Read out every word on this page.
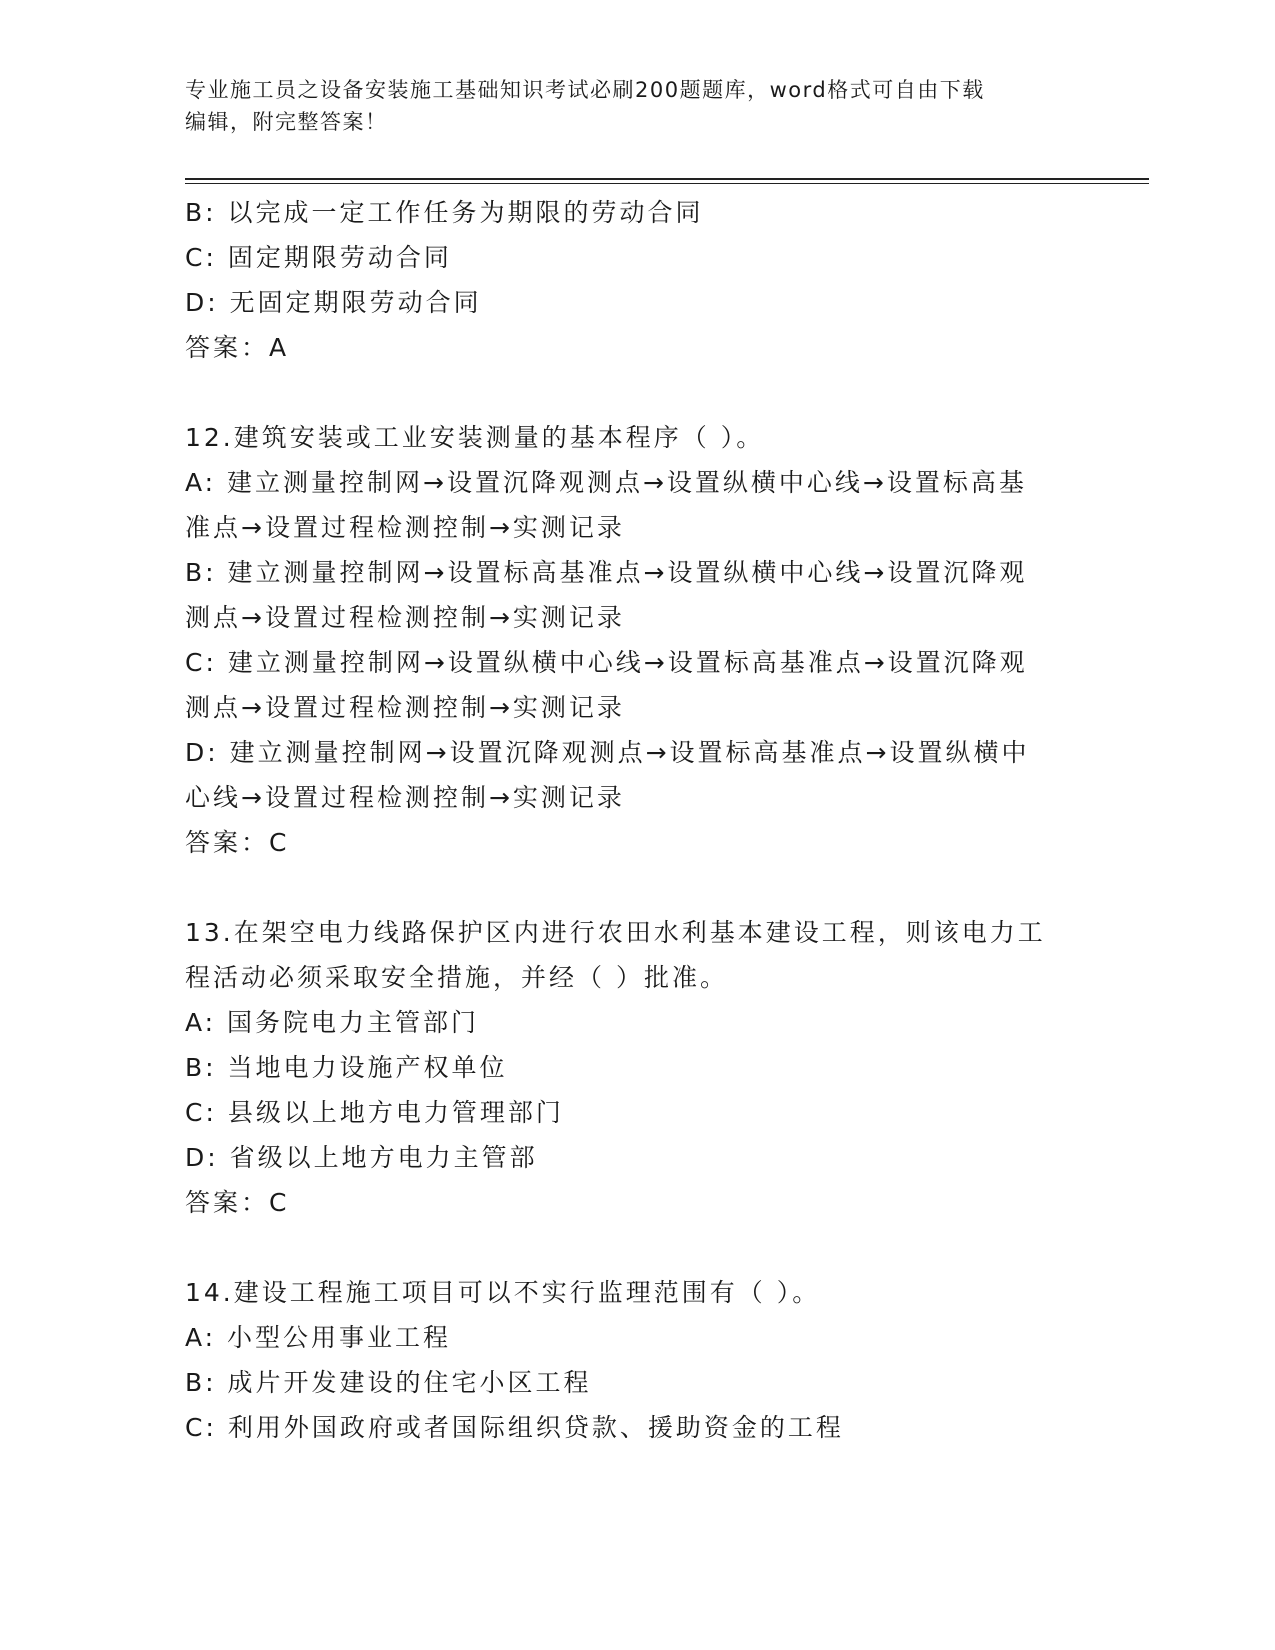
专业施工员之设备安装施工基础知识考试必刷200题题库，word格式可自由下载
编辑，附完整答案！
B: 以完成一定工作任务为期限的劳动合同
C: 固定期限劳动合同
D: 无固定期限劳动合同
答案：A
12.建筑安装或工业安装测量的基本程序（ ）。
A: 建立测量控制网→设置沉降观测点→设置纵横中心线→设置标高基
准点→设置过程检测控制→实测记录
B: 建立测量控制网→设置标高基准点→设置纵横中心线→设置沉降观
测点→设置过程检测控制→实测记录
C: 建立测量控制网→设置纵横中心线→设置标高基准点→设置沉降观
测点→设置过程检测控制→实测记录
D: 建立测量控制网→设置沉降观测点→设置标高基准点→设置纵横中
心线→设置过程检测控制→实测记录
答案：C
13.在架空电力线路保护区内进行农田水利基本建设工程，则该电力工
程活动必须采取安全措施，并经（ ）批准。
A: 国务院电力主管部门
B: 当地电力设施产权单位
C: 县级以上地方电力管理部门
D: 省级以上地方电力主管部
答案：C
14.建设工程施工项目可以不实行监理范围有（ ）。
A: 小型公用事业工程
B: 成片开发建设的住宅小区工程
C: 利用外国政府或者国际组织贷款、援助资金的工程
